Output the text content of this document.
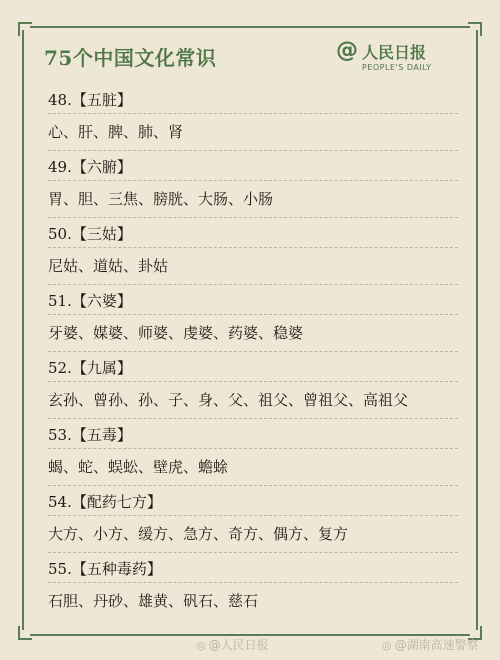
75个中国文化常识	@ 人民日报
PEOPLE'S DAILY
48.【五脏】
心、肝、脾、肺、肾
49.【六腑】
胃、胆、三焦、膀胱、大肠、小肠
50.【三姑】
尼姑、道姑、卦姑
51.【六婆】
牙婆、媒婆、师婆、虔婆、药婆、稳婆
52.【九属】
玄孙、曾孙、孙、子、身、父、祖父、曾祖父、高祖父
53.【五毒】
蝎、蛇、蜈蚣、壁虎、蟾蜍
54.【配药七方】
大方、小方、缓方、急方、奇方、偶方、复方
55.【五种毒药】
石胆、丹砂、雄黄、矾石、慈石
◎ @人民日报	◎ @湖南高速警察
